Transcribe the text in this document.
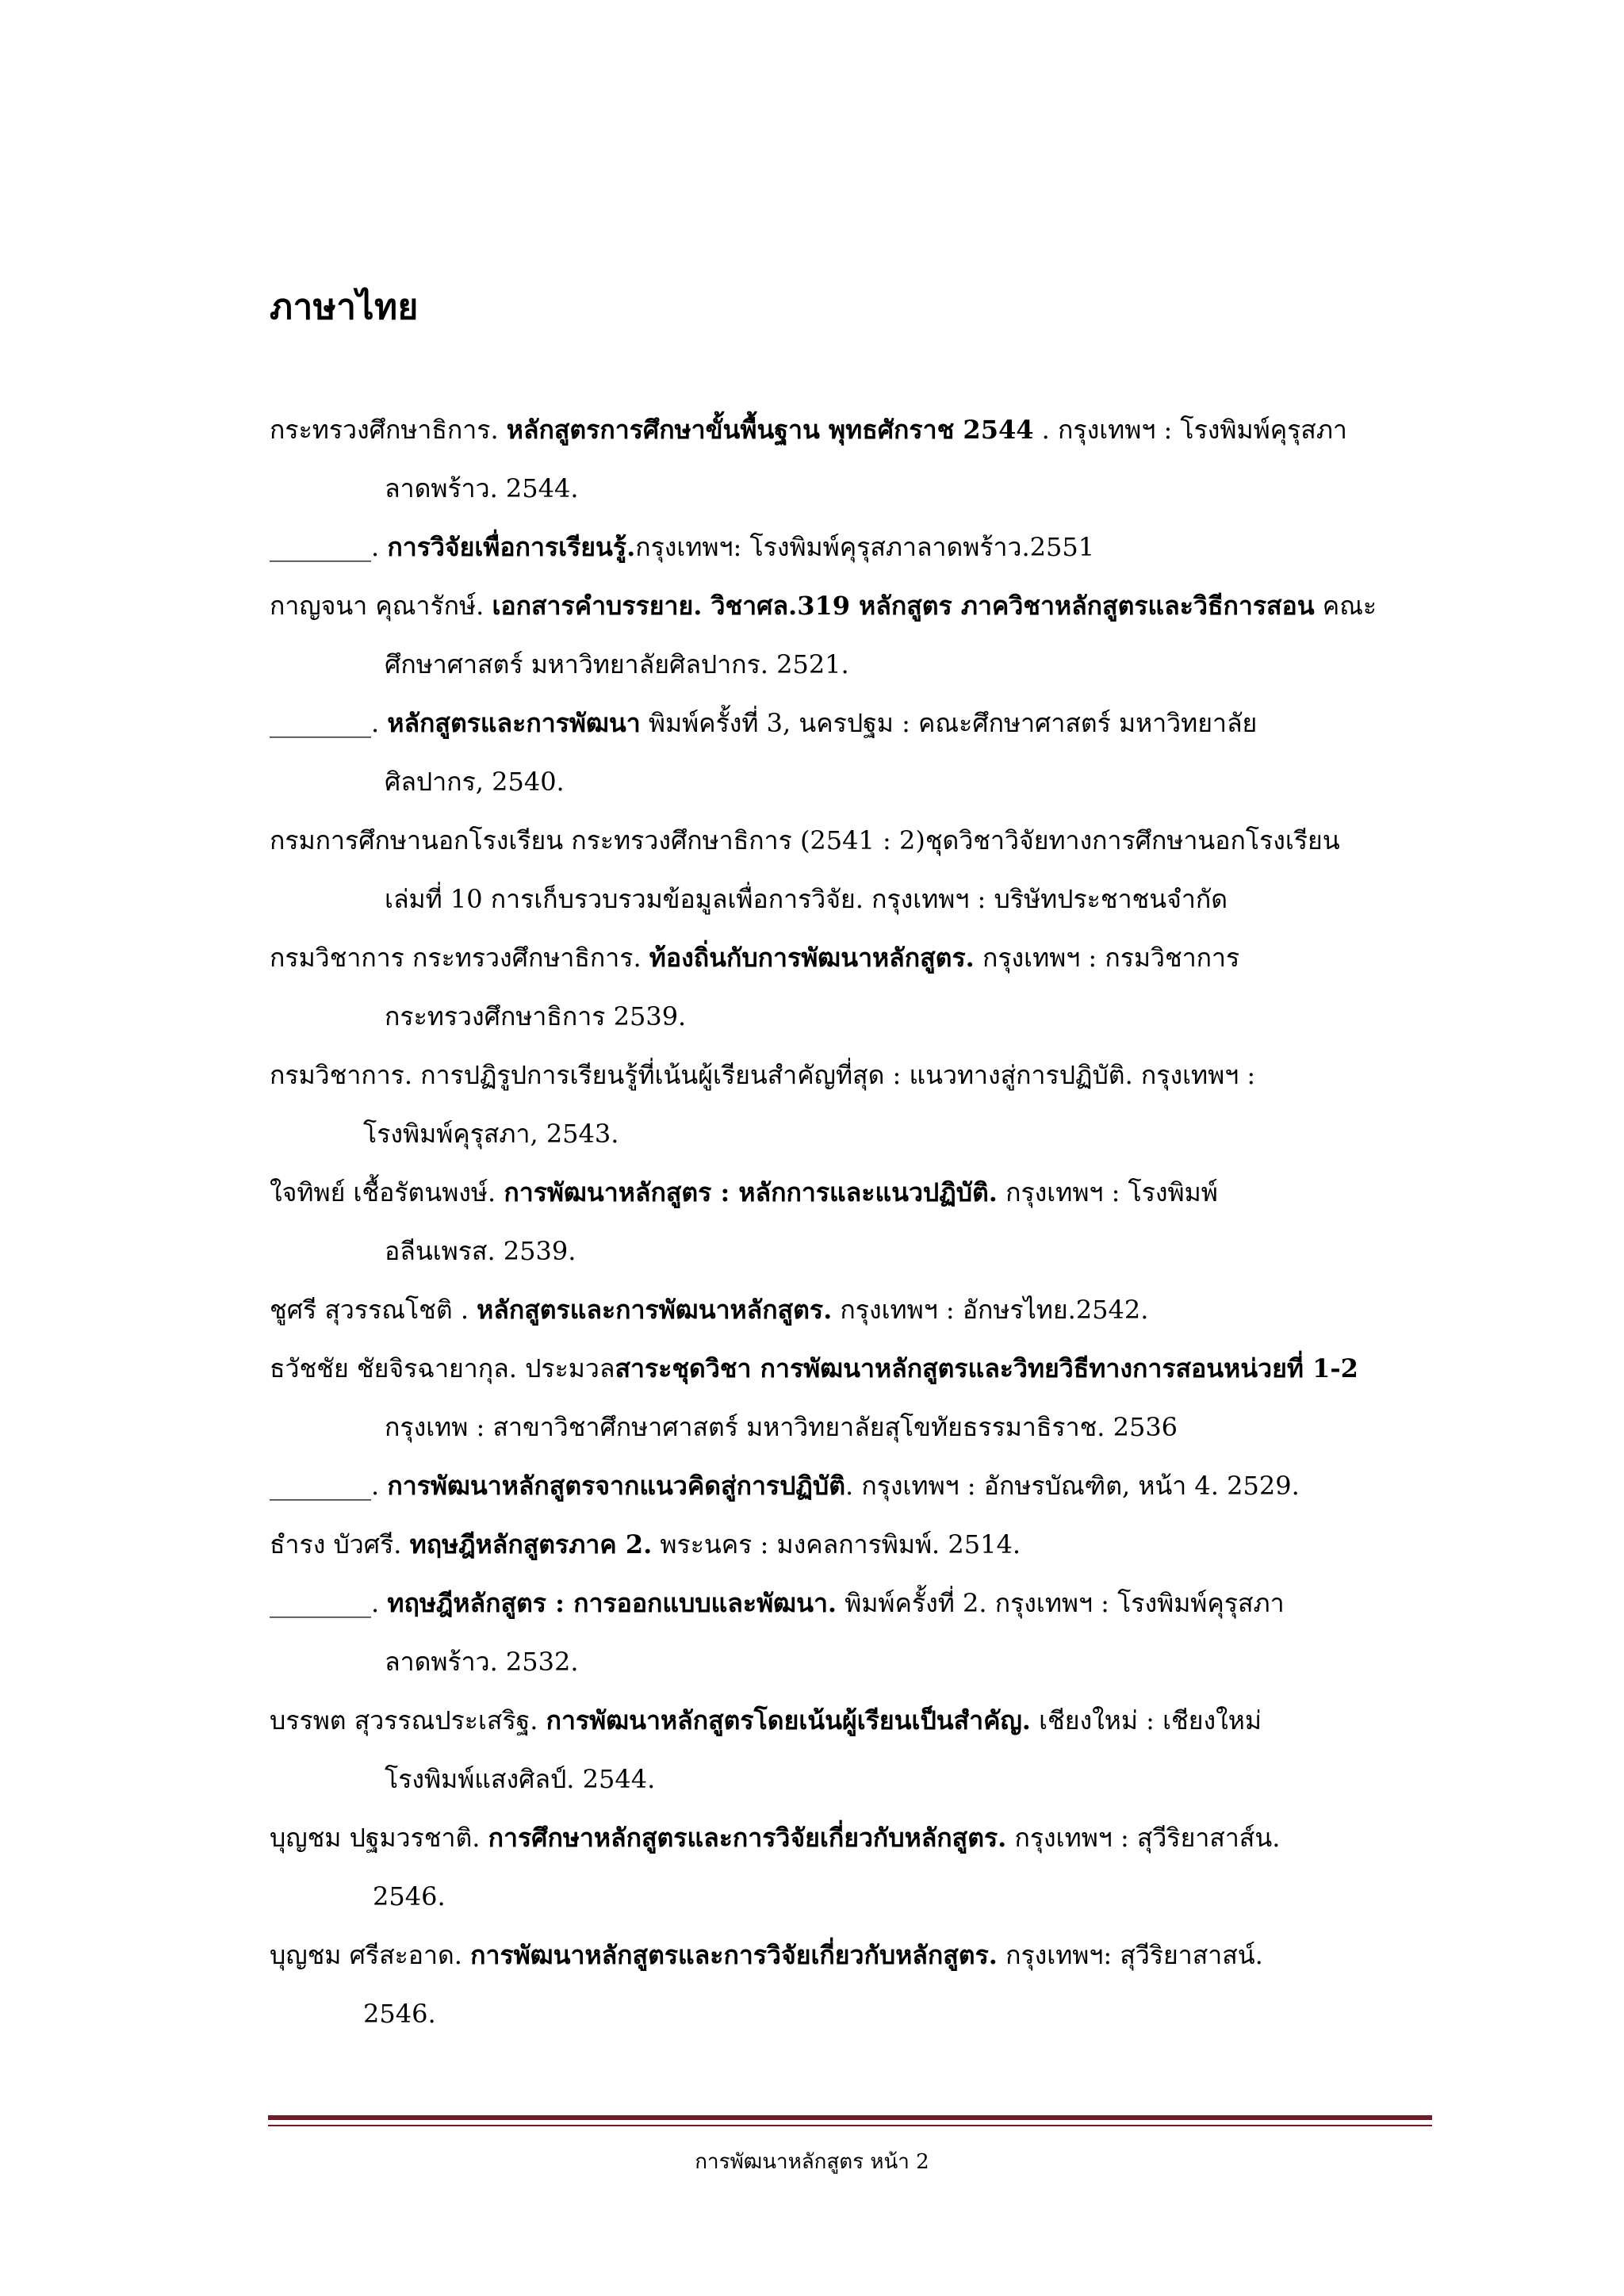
ภาษาไทย
กระทรวงศึกษาธิการ. หลักสูตรการศึกษาขั้นพื้นฐาน พุทธศักราช 2544 . กรุงเทพฯ : โรงพิมพ์คุรุสภา
ลาดพร้าว. 2544.
________. การวิจัยเพื่อการเรียนรู้.กรุงเทพฯ: โรงพิมพ์คุรุสภาลาดพร้าว.2551
กาญจนา คุณารักษ์. เอกสารคำบรรยาย. วิชาศล.319 หลักสูตร ภาควิชาหลักสูตรและวิธีการสอน คณะ
ศึกษาศาสตร์ มหาวิทยาลัยศิลปากร. 2521.
________. หลักสูตรและการพัฒนา พิมพ์ครั้งที่ 3, นครปฐม : คณะศึกษาศาสตร์ มหาวิทยาลัย
ศิลปากร, 2540.
กรมการศึกษานอกโรงเรียน กระทรวงศึกษาธิการ (2541 : 2)ชุดวิชาวิจัยทางการศึกษานอกโรงเรียน
เล่มที่ 10 การเก็บรวบรวมข้อมูลเพื่อการวิจัย. กรุงเทพฯ : บริษัทประชาชนจำกัด
กรมวิชาการ กระทรวงศึกษาธิการ. ท้องถิ่นกับการพัฒนาหลักสูตร. กรุงเทพฯ : กรมวิชาการ
กระทรวงศึกษาธิการ 2539.
กรมวิชาการ. การปฏิรูปการเรียนรู้ที่เน้นผู้เรียนสำคัญที่สุด : แนวทางสู่การปฏิบัติ. กรุงเทพฯ :
โรงพิมพ์คุรุสภา, 2543.
ใจทิพย์ เชื้อรัตนพงษ์. การพัฒนาหลักสูตร : หลักการและแนวปฏิบัติ. กรุงเทพฯ : โรงพิมพ์
อลีนเพรส. 2539.
ชูศรี สุวรรณโชติ . หลักสูตรและการพัฒนาหลักสูตร. กรุงเทพฯ : อักษรไทย.2542.
ธวัชชัย ชัยจิรฉายากุล. ประมวลสาระชุดวิชา การพัฒนาหลักสูตรและวิทยวิธีทางการสอนหน่วยที่ 1-2
กรุงเทพ : สาขาวิชาศึกษาศาสตร์ มหาวิทยาลัยสุโขทัยธรรมาธิราช. 2536
________. การพัฒนาหลักสูตรจากแนวคิดสู่การปฏิบัติ. กรุงเทพฯ : อักษรบัณฑิต, หน้า 4. 2529.
ธำรง บัวศรี. ทฤษฎีหลักสูตรภาค 2. พระนคร : มงคลการพิมพ์. 2514.
________. ทฤษฎีหลักสูตร : การออกแบบและพัฒนา. พิมพ์ครั้งที่ 2. กรุงเทพฯ : โรงพิมพ์คุรุสภา
ลาดพร้าว. 2532.
บรรพต สุวรรณประเสริฐ. การพัฒนาหลักสูตรโดยเน้นผู้เรียนเป็นสำคัญ. เชียงใหม่ : เชียงใหม่
โรงพิมพ์แสงศิลป์. 2544.
บุญชม ปฐมวรชาติ. การศึกษาหลักสูตรและการวิจัยเกี่ยวกับหลักสูตร. กรุงเทพฯ : สุวีริยาสาส์น.
2546.
บุญชม ศรีสะอาด. การพัฒนาหลักสูตรและการวิจัยเกี่ยวกับหลักสูตร. กรุงเทพฯ: สุวีริยาสาสน์.
2546.
การพัฒนาหลักสูตร หน้า 2
